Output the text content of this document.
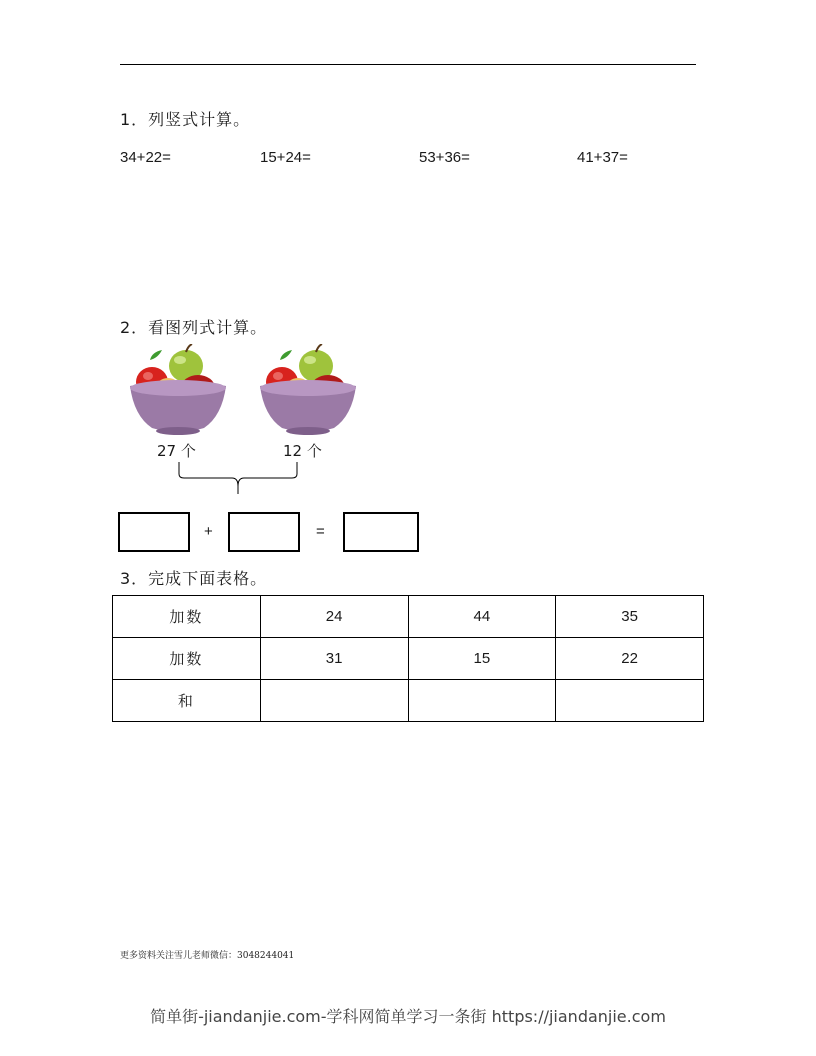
1．列竖式计算。
34+22=	15+24=	53+36=	41+37=
2．看图列式计算。
27 个	12 个
+	=
3．完成下面表格。
加数	24	44	35
加数	31	15	22
和			
更多资料关注雪儿老师微信：3048244041
简单街-jiandanjie.com-学科网简单学习一条街 https://jiandanjie.com
